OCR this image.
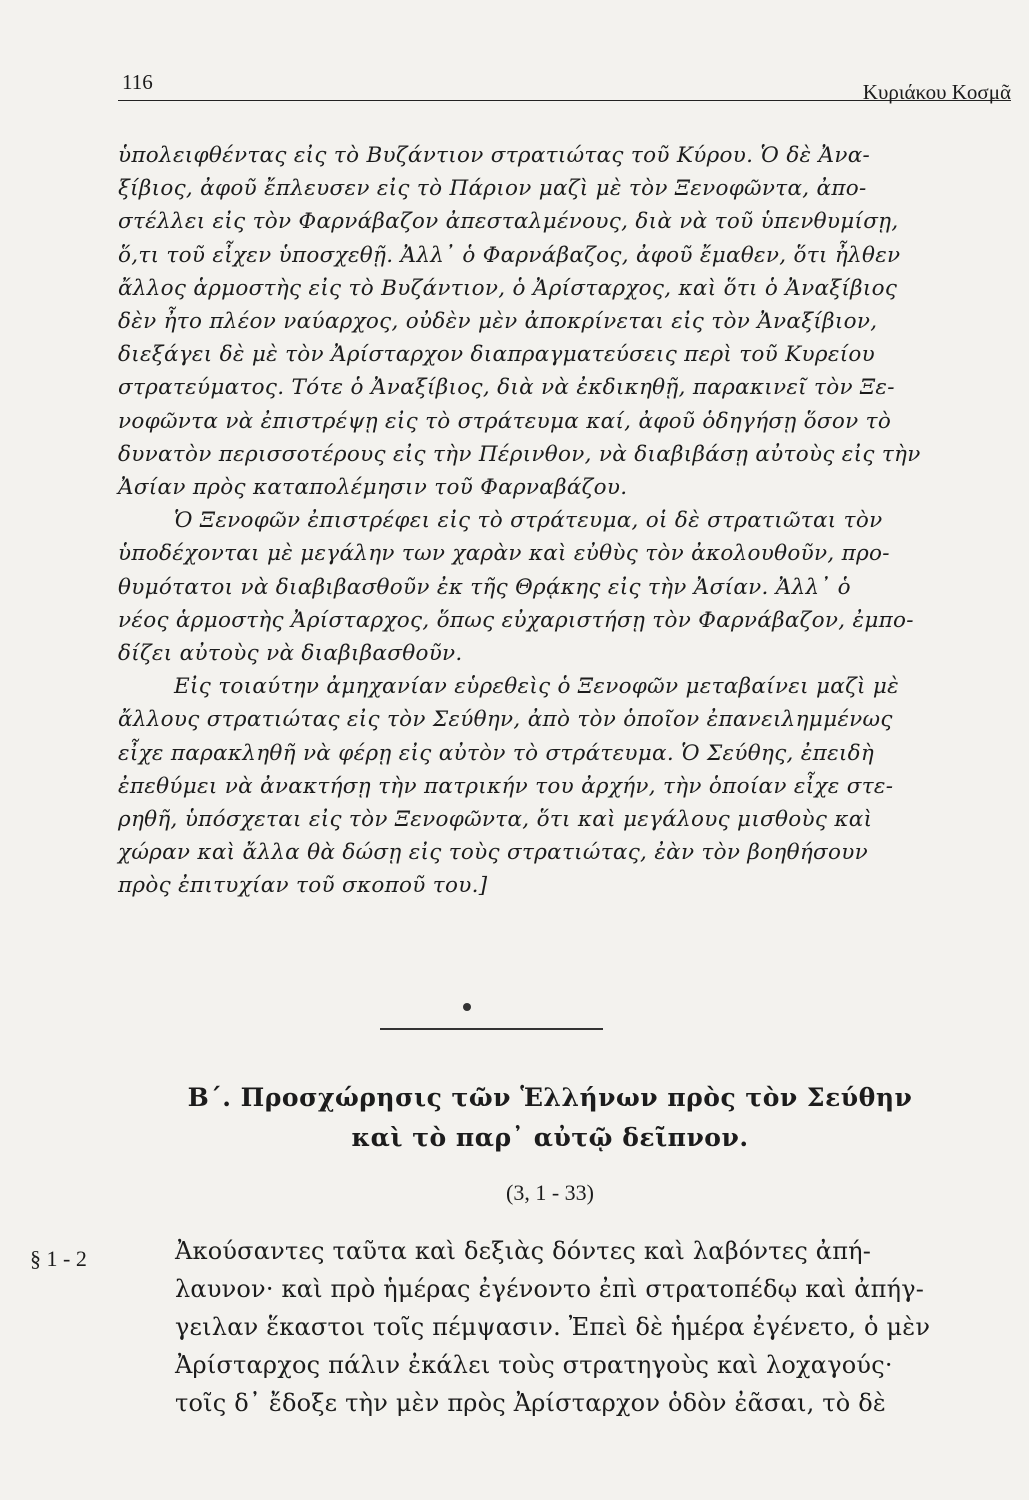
116	Κυριάκου Κοσμᾶ

ὑπολειφθέντας εἰς τὸ Βυζάντιον στρατιώτας τοῦ Κύρου. Ὁ δὲ Ἀνα-
ξίβιος, ἀφοῦ ἔπλευσεν εἰς τὸ Πάριον μαζὶ μὲ τὸν Ξενοφῶντα, ἀπο-
στέλλει εἰς τὸν Φαρνάβαζον ἀπεσταλμένους, διὰ νὰ τοῦ ὑπενθυμίσῃ,
ὅ,τι τοῦ εἶχεν ὑποσχεθῇ. Ἀλλ᾽ ὁ Φαρνάβαζος, ἀφοῦ ἔμαθεν, ὅτι ἦλθεν
ἄλλος ἁρμοστὴς εἰς τὸ Βυζάντιον, ὁ Ἀρίσταρχος, καὶ ὅτι ὁ Ἀναξίβιος
δὲν ἦτο πλέον ναύαρχος, οὐδὲν μὲν ἀποκρίνεται εἰς τὸν Ἀναξίβιον,
διεξάγει δὲ μὲ τὸν Ἀρίσταρχον διαπραγματεύσεις περὶ τοῦ Κυρείου
στρατεύματος. Τότε ὁ Ἀναξίβιος, διὰ νὰ ἐκδικηθῇ, παρακινεῖ τὸν Ξε-
νοφῶντα νὰ ἐπιστρέψῃ εἰς τὸ στράτευμα καί, ἀφοῦ ὁδηγήσῃ ὅσον τὸ
δυνατὸν περισσοτέρους εἰς τὴν Πέρινθον, νὰ διαβιβάσῃ αὐτοὺς εἰς τὴν
Ἀσίαν πρὸς καταπολέμησιν τοῦ Φαρναβάζου.

Ὁ Ξενοφῶν ἐπιστρέφει εἰς τὸ στράτευμα, οἱ δὲ στρατιῶται τὸν
ὑποδέχονται μὲ μεγάλην των χαρὰν καὶ εὐθὺς τὸν ἀκολουθοῦν, προ-
θυμότατοι νὰ διαβιβασθοῦν ἐκ τῆς Θρᾴκης εἰς τὴν Ἀσίαν. Ἀλλ᾽ ὁ
νέος ἁρμοστὴς Ἀρίσταρχος, ὅπως εὐχαριστήσῃ τὸν Φαρνάβαζον, ἐμπο-
δίζει αὐτοὺς νὰ διαβιβασθοῦν.

Εἰς τοιαύτην ἀμηχανίαν εὑρεθεὶς ὁ Ξενοφῶν μεταβαίνει μαζὶ μὲ
ἄλλους στρατιώτας εἰς τὸν Σεύθην, ἀπὸ τὸν ὁποῖον ἐπανειλημμένως
εἶχε παρακληθῆ νὰ φέρῃ εἰς αὐτὸν τὸ στράτευμα. Ὁ Σεύθης, ἐπειδὴ
ἐπεθύμει νὰ ἀνακτήσῃ τὴν πατρικήν του ἀρχήν, τὴν ὁποίαν εἶχε στε-
ρηθῆ, ὑπόσχεται εἰς τὸν Ξενοφῶντα, ὅτι καὶ μεγάλους μισθοὺς καὶ
χώραν καὶ ἄλλα θὰ δώσῃ εἰς τοὺς στρατιώτας, ἐὰν τὸν βοηθήσουν
πρὸς ἐπιτυχίαν τοῦ σκοποῦ του.]

Β΄. Προσχώρησις τῶν Ἑλλήνων πρὸς τὸν Σεύθην
καὶ τὸ παρ᾽ αὐτῷ δεῖπνον.
(3, 1 - 33)
§ 1 - 2	Ἀκούσαντες ταῦτα καὶ δεξιὰς δόντες καὶ λαβόντες ἀπή-
λαυνον· καὶ πρὸ ἡμέρας ἐγένοντο ἐπὶ στρατοπέδῳ καὶ ἀπήγ-
γειλαν ἕκαστοι τοῖς πέμψασιν. Ἐπεὶ δὲ ἡμέρα ἐγένετο, ὁ μὲν
Ἀρίσταρχος πάλιν ἐκάλει τοὺς στρατηγοὺς καὶ λοχαγούς·
τοῖς δ᾽ ἔδοξε τὴν μὲν πρὸς Ἀρίσταρχον ὁδὸν ἐᾶσαι, τὸ δὲ
